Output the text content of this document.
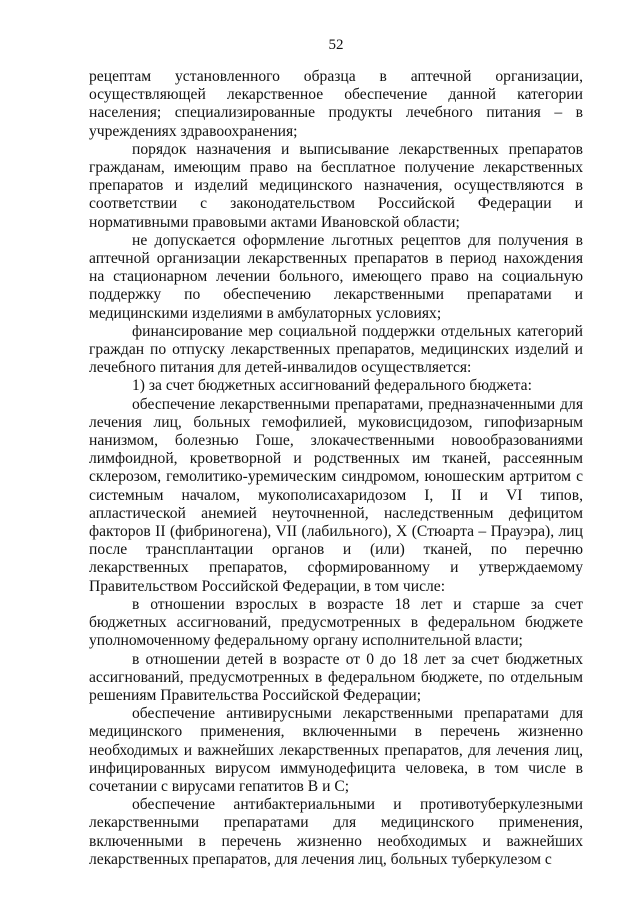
52

рецептам установленного образца в аптечной организации, осуществляющей лекарственное обеспечение данной категории населения; специализированные продукты лечебного питания – в учреждениях здравоохранения;

порядок назначения и выписывание лекарственных препаратов гражданам, имеющим право на бесплатное получение лекарственных препаратов и изделий медицинского назначения, осуществляются в соответствии с законодательством Российской Федерации и нормативными правовыми актами Ивановской области;

не допускается оформление льготных рецептов для получения в аптечной организации лекарственных препаратов в период нахождения на стационарном лечении больного, имеющего право на социальную поддержку по обеспечению лекарственными препаратами и медицинскими изделиями в амбулаторных условиях;

финансирование мер социальной поддержки отдельных категорий граждан по отпуску лекарственных препаратов, медицинских изделий и лечебного питания для детей-инвалидов осуществляется:

1) за счет бюджетных ассигнований федерального бюджета:

обеспечение лекарственными препаратами, предназначенными для лечения лиц, больных гемофилией, муковисцидозом, гипофизарным нанизмом, болезнью Гоше, злокачественными новообразованиями лимфоидной, кроветворной и родственных им тканей, рассеянным склерозом, гемолитико-уремическим синдромом, юношеским артритом с системным началом, мукополисахаридозом I, II и VI типов, апластической анемией неуточненной, наследственным дефицитом факторов II (фибриногена), VII (лабильного), X (Стюарта – Прауэра), лиц после трансплантации органов и (или) тканей, по перечню лекарственных препаратов, сформированному и утверждаемому Правительством Российской Федерации, в том числе:

в отношении взрослых в возрасте 18 лет и старше за счет бюджетных ассигнований, предусмотренных в федеральном бюджете уполномоченному федеральному органу исполнительной власти;

в отношении детей в возрасте от 0 до 18 лет за счет бюджетных ассигнований, предусмотренных в федеральном бюджете, по отдельным решениям Правительства Российской Федерации;

обеспечение антивирусными лекарственными препаратами для медицинского применения, включенными в перечень жизненно необходимых и важнейших лекарственных препаратов, для лечения лиц, инфицированных вирусом иммунодефицита человека, в том числе в сочетании с вирусами гепатитов B и C;

обеспечение антибактериальными и противотуберкулезными лекарственными препаратами для медицинского применения, включенными в перечень жизненно необходимых и важнейших лекарственных препаратов, для лечения лиц, больных туберкулезом с
